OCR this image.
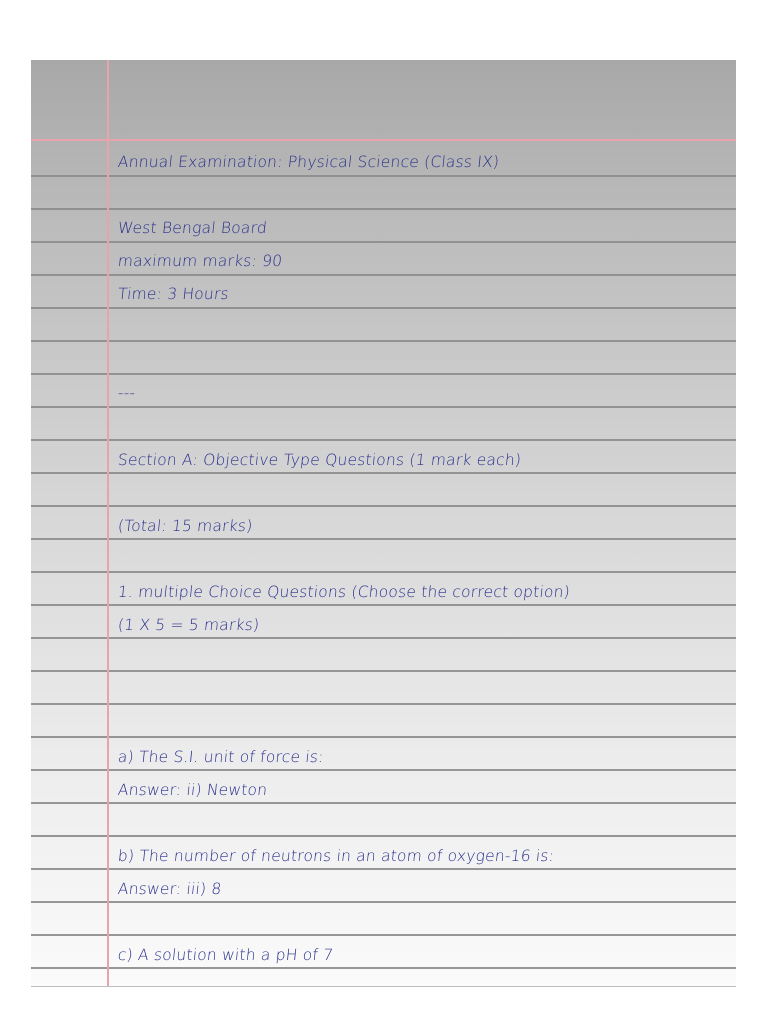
Annual Examination: Physical Science (Class IX)
West Bengal Board
maximum marks: 90
Time: 3 Hours
---
Section A: Objective Type Questions (1 mark each)
(Total: 15 marks)
1. multiple Choice Questions (Choose the correct option)
(1 X 5 = 5 marks)
a) The S.I. unit of force is:
Answer: ii) Newton
b) The number of neutrons in an atom of oxygen-16 is:
Answer: iii) 8
c) A solution with a pH of 7
